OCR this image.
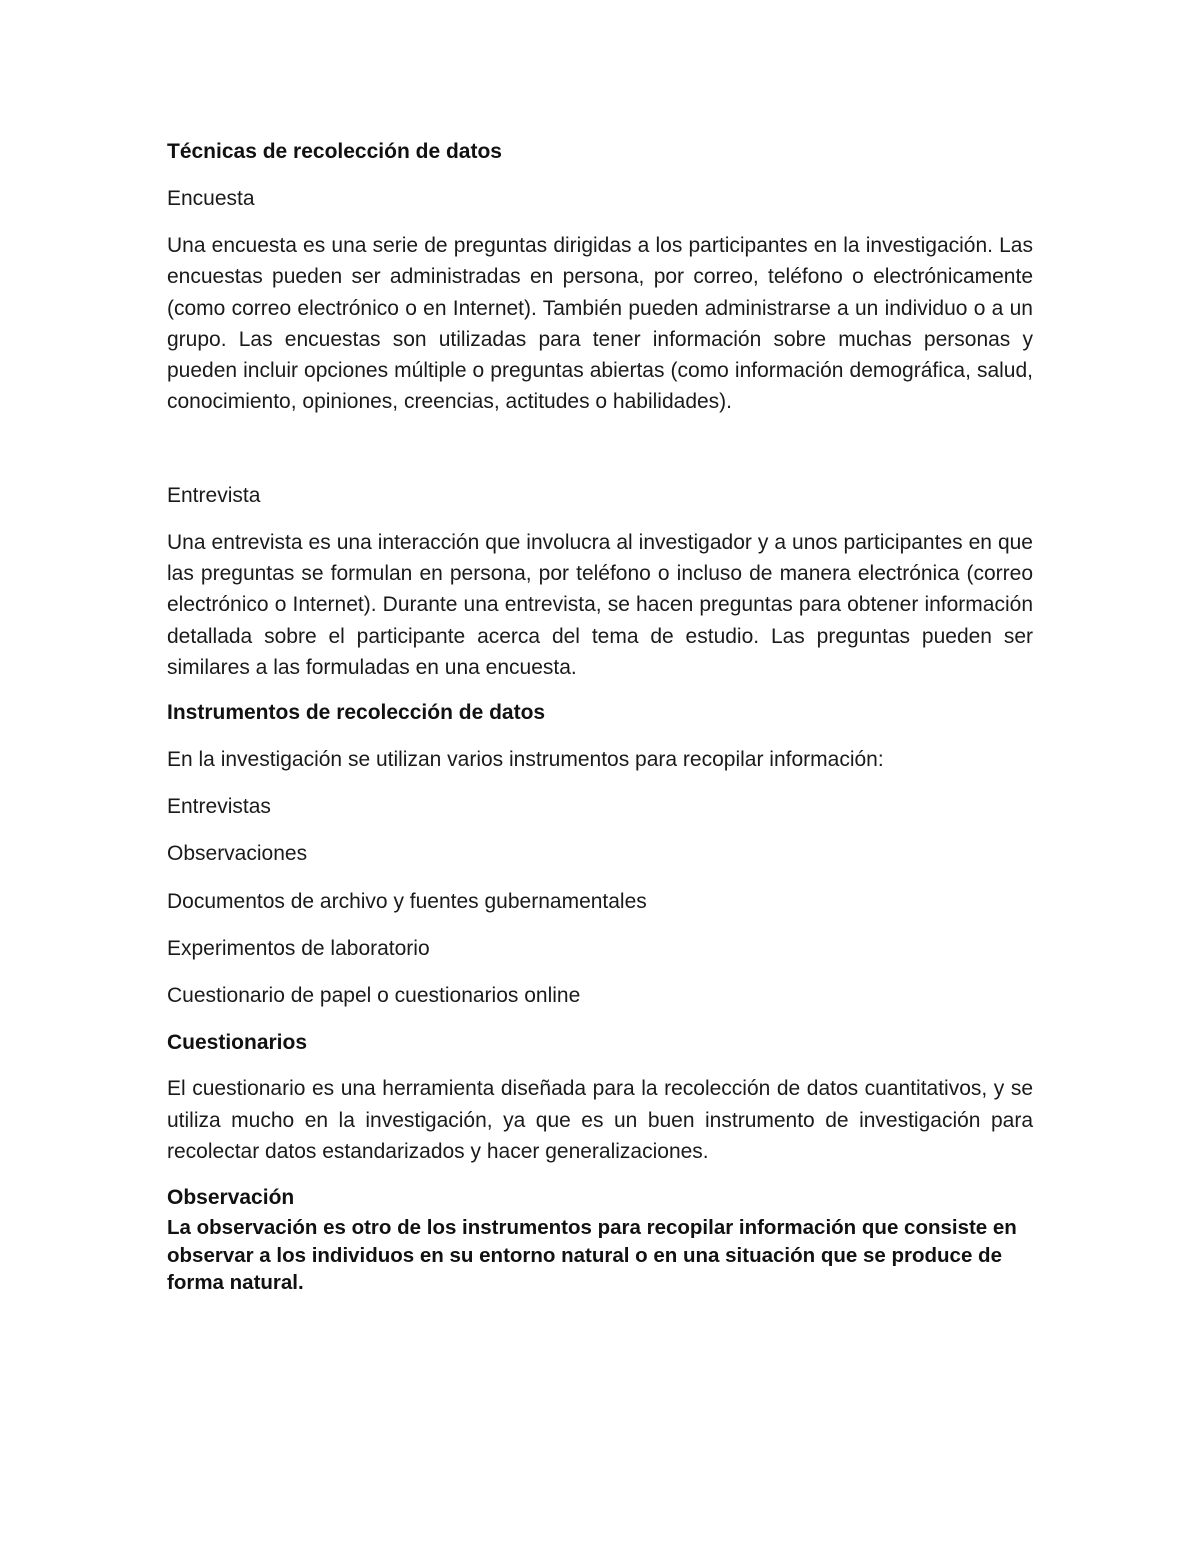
Técnicas de recolección de datos

Encuesta

Una encuesta es una serie de preguntas dirigidas a los participantes en la investigación. Las encuestas pueden ser administradas en persona, por correo, teléfono o electrónicamente (como correo electrónico o en Internet). También pueden administrarse a un individuo o a un grupo. Las encuestas son utilizadas para tener información sobre muchas personas y pueden incluir opciones múltiple o preguntas abiertas (como información demográfica, salud, conocimiento, opiniones, creencias, actitudes o habilidades).

Entrevista

Una entrevista es una interacción que involucra al investigador y a unos participantes en que las preguntas se formulan en persona, por teléfono o incluso de manera electrónica (correo electrónico o Internet). Durante una entrevista, se hacen preguntas para obtener información detallada sobre el participante acerca del tema de estudio. Las preguntas pueden ser similares a las formuladas en una encuesta.

Instrumentos de recolección de datos

En la investigación se utilizan varios instrumentos para recopilar información:

Entrevistas

Observaciones

Documentos de archivo y fuentes gubernamentales

Experimentos de laboratorio

Cuestionario de papel o cuestionarios online

Cuestionarios

El cuestionario es una herramienta diseñada para la recolección de datos cuantitativos, y se utiliza mucho en la investigación, ya que es un buen instrumento de investigación para recolectar datos estandarizados y hacer generalizaciones.

Observación

La observación es otro de los instrumentos para recopilar información que consiste en observar a los individuos en su entorno natural o en una situación que se produce de forma natural.
